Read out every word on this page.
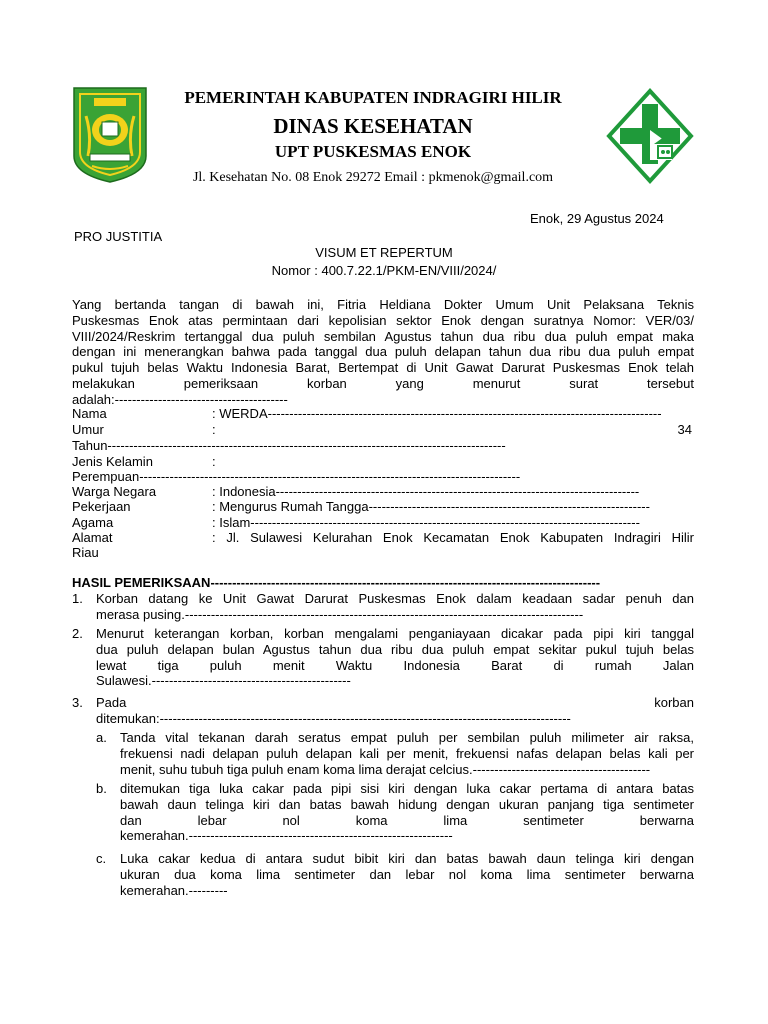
PEMERINTAH KABUPATEN INDRAGIRI HILIR
DINAS KESEHATAN
UPT PUSKESMAS ENOK
Jl. Kesehatan No. 08 Enok 29272 Email : pkmenok@gmail.com
Enok, 29 Agustus 2024
PRO JUSTITIA
VISUM ET REPERTUM
Nomor : 400.7.22.1/PKM-EN/VIII/2024/
Yang bertanda tangan di bawah ini, Fitria Heldiana Dokter Umum Unit Pelaksana Teknis
Puskesmas Enok atas permintaan dari kepolisian sektor Enok dengan suratnya Nomor: VER/03/
VIII/2024/Reskrim tertanggal dua puluh sembilan Agustus tahun dua ribu dua puluh empat maka
dengan ini menerangkan bahwa pada tanggal dua puluh delapan tahun dua ribu dua puluh empat
pukul tujuh belas Waktu Indonesia Barat, Bertempat di Unit Gawat Darurat Puskesmas Enok telah
melakukan pemeriksaan korban yang menurut surat tersebut
adalah:----------------------------------------
Nama	: WERDA-------------------------------------------------------------------------------------------
Umur	:	34
Tahun--------------------------------------------------------------------------------------------
Jenis Kelamin	:
Perempuan----------------------------------------------------------------------------------------
Warga Negara	: Indonesia------------------------------------------------------------------------------------
Pekerjaan	: Mengurus Rumah Tangga-----------------------------------------------------------------
Agama	: Islam------------------------------------------------------------------------------------------
Alamat	: Jl. Sulawesi Kelurahan Enok Kecamatan Enok Kabupaten Indragiri Hilir
Riau
HASIL PEMERIKSAAN------------------------------------------------------------------------------------------
1. Korban datang ke Unit Gawat Darurat Puskesmas Enok dalam keadaan sadar penuh dan
merasa pusing.--------------------------------------------------------------------------------------------
2. Menurut keterangan korban, korban mengalami penganiayaan dicakar pada pipi kiri tanggal
dua puluh delapan bulan Agustus tahun dua ribu dua puluh empat sekitar pukul tujuh belas
lewat tiga puluh menit Waktu Indonesia Barat di rumah Jalan
Sulawesi.----------------------------------------------
3. Pada korban
ditemukan:-----------------------------------------------------------------------------------------------
a. Tanda vital tekanan darah seratus empat puluh per sembilan puluh milimeter air raksa,
frekuensi nadi delapan puluh delapan kali per menit, frekuensi nafas delapan belas kali per
menit, suhu tubuh tiga puluh enam koma lima derajat celcius.-----------------------------------------
b. ditemukan tiga luka cakar pada pipi sisi kiri dengan luka cakar pertama di antara batas
bawah daun telinga kiri dan batas bawah hidung dengan ukuran panjang tiga sentimeter
dan lebar nol koma lima sentimeter berwarna
kemerahan.-------------------------------------------------------------
c. Luka cakar kedua di antara sudut bibit kiri dan batas bawah daun telinga kiri dengan
ukuran dua koma lima sentimeter dan lebar nol koma lima sentimeter berwarna
kemerahan.---------
